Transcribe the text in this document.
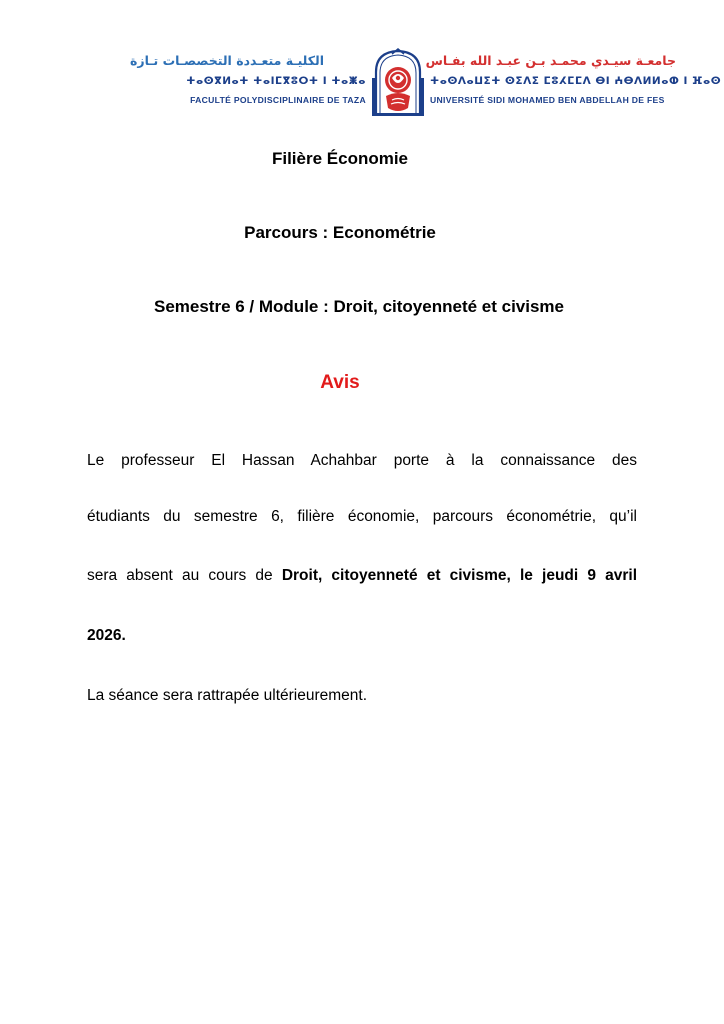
الكليـة متعـددة التخصصـات تـازة
ⵜⴰⵙⴳⵍⴰⵜ ⵜⴰⵏⵎⴳⵓⵔⵜ ⵏ ⵜⴰⵥⴰ
FACULTÉ POLYDISCIPLINAIRE DE TAZA
جامعـة سيـدي محمـد بـن عبـد الله بفـاس
ⵜⴰⵙⴷⴰⵡⵉⵜ ⵙⵉⴷⵉ ⵎⵓⵃⵎⵎⴷ ⴱⵏ ⵄⴱⴷⵍⵍⴰⵀ ⵏ ⴼⴰⵙ
UNIVERSITÉ SIDI MOHAMED BEN ABDELLAH DE FES
Filière Économie
Parcours : Econométrie
Semestre 6 / Module : Droit, citoyenneté et civisme
Avis
Le professeur El Hassan Achahbar porte à la connaissance des
étudiants du semestre 6, filière économie, parcours économétrie, qu’il
sera absent au cours de Droit, citoyenneté et civisme, le jeudi 9 avril
2026.
La séance sera rattrapée ultérieurement.
